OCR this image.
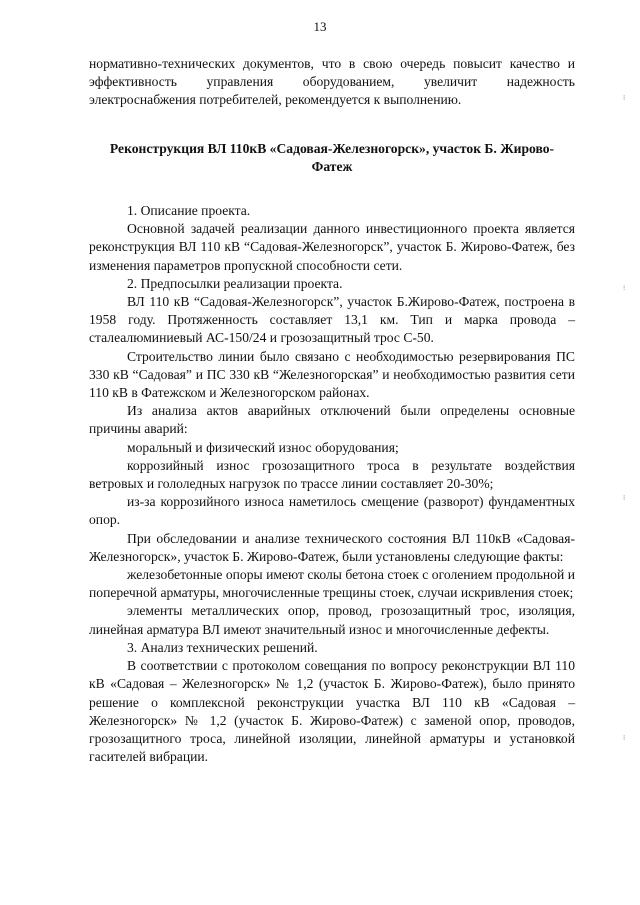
13

нормативно-технических документов, что в свою очередь повысит качество и эффективность управления оборудованием, увеличит надежность электроснабжения потребителей, рекомендуется к выполнению.

Реконструкция ВЛ 110кВ «Садовая-Железногорск», участок Б. Жирово-Фатеж

1. Описание проекта.

Основной задачей реализации данного инвестиционного проекта является реконструкция ВЛ 110 кВ “Садовая-Железногорск”, участок Б. Жирово-Фатеж, без изменения параметров пропускной способности сети.

2. Предпосылки реализации проекта.

ВЛ 110 кВ “Садовая-Железногорск”, участок Б.Жирово-Фатеж, построена в 1958 году. Протяженность составляет 13,1 км. Тип и марка провода – сталеалюминиевый АС-150/24 и грозозащитный трос С-50.

Строительство линии было связано с необходимостью резервирования ПС 330 кВ “Садовая” и ПС 330 кВ “Железногорская” и необходимостью развития сети 110 кВ в Фатежском и Железногорском районах.

Из анализа актов аварийных отключений были определены основные причины аварий:

моральный и физический износ оборудования;

коррозийный износ грозозащитного троса в результате воздействия ветровых и гололедных нагрузок по трассе линии составляет 20-30%;

из-за коррозийного износа наметилось смещение (разворот) фундаментных опор.

При обследовании и анализе технического состояния ВЛ 110кВ «Садовая-Железногорск», участок Б. Жирово-Фатеж, были установлены следующие факты:

железобетонные опоры имеют сколы бетона стоек с оголением продольной и поперечной арматуры, многочисленные трещины стоек, случаи искривления стоек;

элементы металлических опор, провод, грозозащитный трос, изоляция, линейная арматура ВЛ имеют значительный износ и многочисленные дефекты.

3. Анализ технических решений.

В соответствии с протоколом совещания по вопросу реконструкции ВЛ 110 кВ «Садовая – Железногорск» № 1,2 (участок Б. Жирово-Фатеж), было принято решение о комплексной реконструкции участка ВЛ 110 кВ «Садовая – Железногорск» № 1,2 (участок Б. Жирово-Фатеж) с заменой опор, проводов, грозозащитного троса, линейной изоляции, линейной арматуры и установкой гасителей вибрации.

⁝
⁝
⁝
⁝
